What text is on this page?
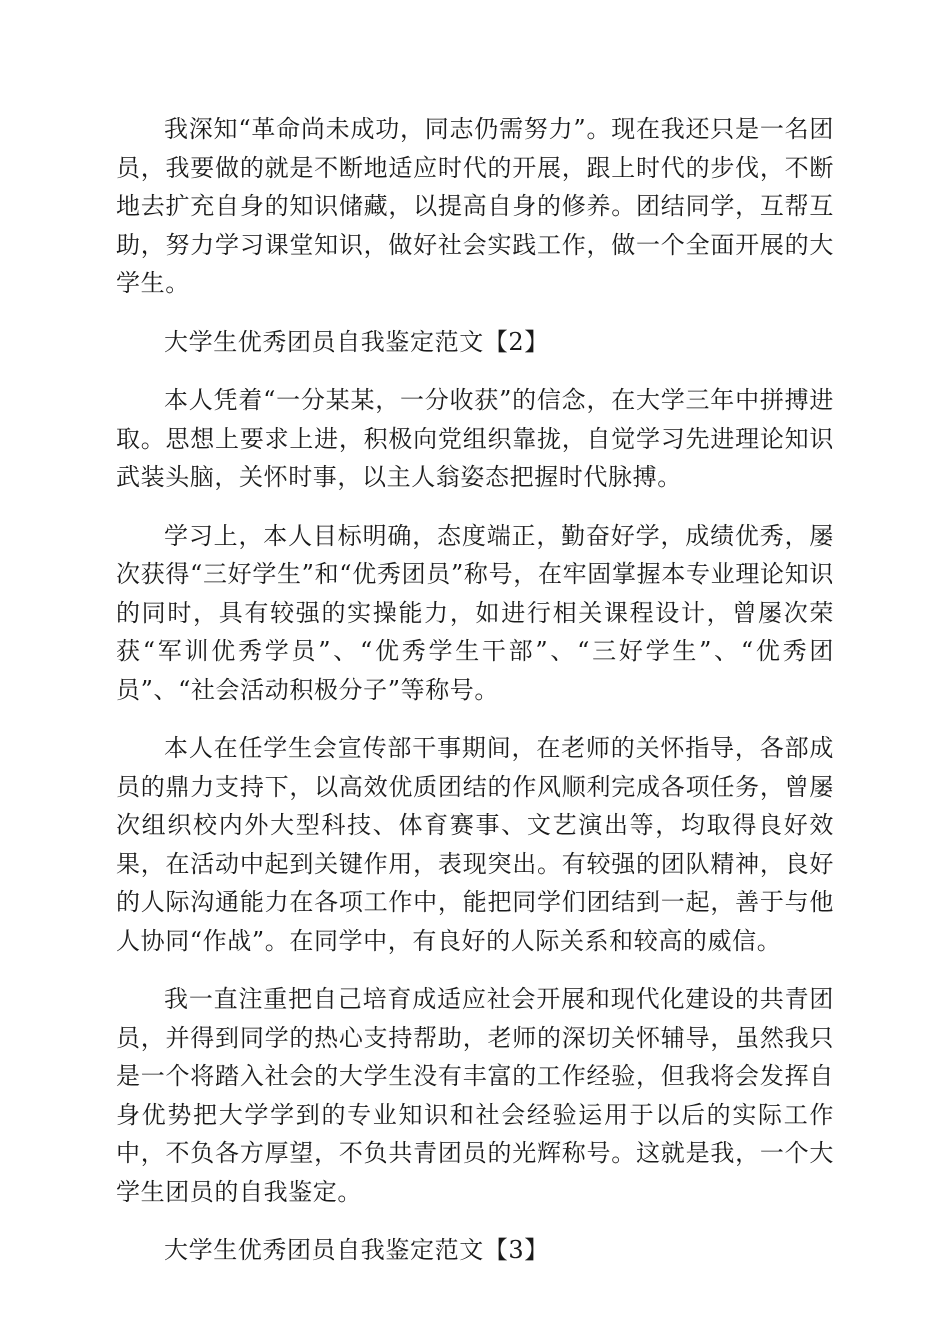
我深知“革命尚未成功，同志仍需努力”。现在我还只是一名团员，我要做的就是不断地适应时代的开展，跟上时代的步伐，不断地去扩充自身的知识储藏，以提高自身的修养。团结同学，互帮互助，努力学习课堂知识，做好社会实践工作，做一个全面开展的大学生。

大学生优秀团员自我鉴定范文【2】

本人凭着“一分某某，一分收获”的信念，在大学三年中拼搏进取。思想上要求上进，积极向党组织靠拢，自觉学习先进理论知识武装头脑，关怀时事，以主人翁姿态把握时代脉搏。

学习上，本人目标明确，态度端正，勤奋好学，成绩优秀，屡次获得“三好学生”和“优秀团员”称号，在牢固掌握本专业理论知识的同时，具有较强的实操能力，如进行相关课程设计，曾屡次荣获“军训优秀学员”、“优秀学生干部”、“三好学生”、“优秀团员”、“社会活动积极分子”等称号。

本人在任学生会宣传部干事期间，在老师的关怀指导，各部成员的鼎力支持下，以高效优质团结的作风顺利完成各项任务，曾屡次组织校内外大型科技、体育赛事、文艺演出等，均取得良好效果，在活动中起到关键作用，表现突出。有较强的团队精神，良好的人际沟通能力在各项工作中，能把同学们团结到一起，善于与他人协同“作战”。在同学中，有良好的人际关系和较高的威信。

我一直注重把自己培育成适应社会开展和现代化建设的共青团员，并得到同学的热心支持帮助，老师的深切关怀辅导，虽然我只是一个将踏入社会的大学生没有丰富的工作经验，但我将会发挥自身优势把大学学到的专业知识和社会经验运用于以后的实际工作中，不负各方厚望，不负共青团员的光辉称号。这就是我，一个大学生团员的自我鉴定。

大学生优秀团员自我鉴定范文【3】
